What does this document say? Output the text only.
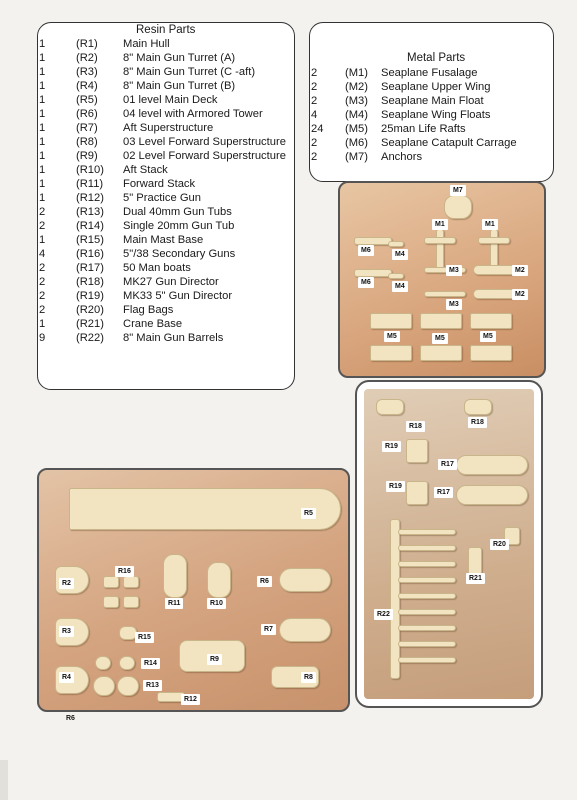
Resin Parts
1	(R1) Main Hull
1	(R2) 8" Main Gun Turret (A)
1	(R3) 8" Main Gun Turret (C -aft)
1	(R4) 8" Main Gun Turret (B)
1	(R5) 01 level Main Deck
1	(R6) 04 level with Armored Tower
1	(R7) Aft Superstructure
1	(R8) 03 Level Forward Superstructure
1	(R9) 02 Level Forward Superstructure
1	(R10) Aft Stack
1	(R11) Forward Stack
1	(R12) 5" Practice Gun
2	(R13) Dual 40mm Gun Tubs
2	(R14) Single 20mm Gun Tub
1	(R15) Main Mast Base
4	(R16) 5"/38 Secondary Guns
2	(R17) 50 Man boats
2	(R18) MK27 Gun Director
2	(R19) MK33 5" Gun Director
2	(R20) Flag Bags
1	(R21) Crane Base
9	(R22) 8" Main Gun Barrels
Metal Parts
2 (M1) Seaplane Fusalage
2 (M2) Seaplane Upper Wing
2 (M3) Seaplane Main Float
4 (M4) Seaplane Wing Floats
24 (M5) 25man Life Rafts
2 (M6) Seaplane Catapult Carrage
2 (M7) Anchors
M7
M1	M1
M6
M4
M2
M3
M6
M4
M2
M3
M5	M5	M5
R18
R18
R19
R17
R19
R17
R20
R21
R22
R5
R16
R2
R11	R10
R6
R3
R15
R7
R14
R9
R4
R13
R8
R12
R6
